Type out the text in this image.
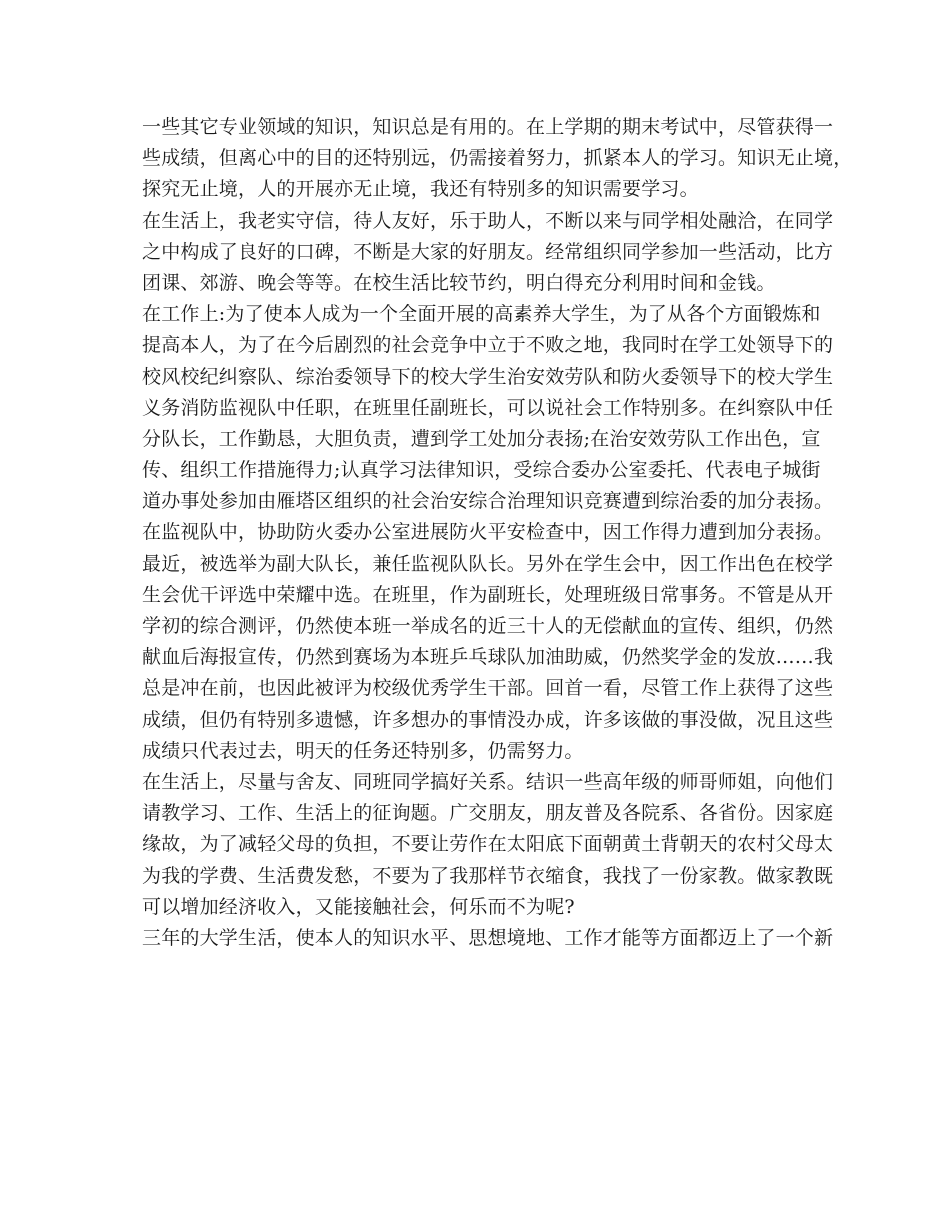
一些其它专业领域的知识，知识总是有用的。在上学期的期末考试中，尽管获得一
些成绩，但离心中的目的还特别远，仍需接着努力，抓紧本人的学习。知识无止境，
探究无止境，人的开展亦无止境，我还有特别多的知识需要学习。
在生活上，我老实守信，待人友好，乐于助人，不断以来与同学相处融洽，在同学
之中构成了良好的口碑，不断是大家的好朋友。经常组织同学参加一些活动，比方
团课、郊游、晚会等等。在校生活比较节约，明白得充分利用时间和金钱。
在工作上:为了使本人成为一个全面开展的高素养大学生，为了从各个方面锻炼和
提高本人，为了在今后剧烈的社会竞争中立于不败之地，我同时在学工处领导下的
校风校纪纠察队、综治委领导下的校大学生治安效劳队和防火委领导下的校大学生
义务消防监视队中任职，在班里任副班长，可以说社会工作特别多。在纠察队中任
分队长，工作勤恳，大胆负责，遭到学工处加分表扬;在治安效劳队工作出色，宣
传、组织工作措施得力;认真学习法律知识，受综合委办公室委托、代表电子城街
道办事处参加由雁塔区组织的社会治安综合治理知识竞赛遭到综治委的加分表扬。
在监视队中，协助防火委办公室进展防火平安检查中，因工作得力遭到加分表扬。
最近，被选举为副大队长，兼任监视队队长。另外在学生会中，因工作出色在校学
生会优干评选中荣耀中选。在班里，作为副班长，处理班级日常事务。不管是从开
学初的综合测评，仍然使本班一举成名的近三十人的无偿献血的宣传、组织，仍然
献血后海报宣传，仍然到赛场为本班乒乓球队加油助威，仍然奖学金的发放……我
总是冲在前，也因此被评为校级优秀学生干部。回首一看，尽管工作上获得了这些
成绩，但仍有特别多遗憾，许多想办的事情没办成，许多该做的事没做，况且这些
成绩只代表过去，明天的任务还特别多，仍需努力。
在生活上，尽量与舍友、同班同学搞好关系。结识一些高年级的师哥师姐，向他们
请教学习、工作、生活上的征询题。广交朋友，朋友普及各院系、各省份。因家庭
缘故，为了减轻父母的负担，不要让劳作在太阳底下面朝黄土背朝天的农村父母太
为我的学费、生活费发愁，不要为了我那样节衣缩食，我找了一份家教。做家教既
可以增加经济收入，又能接触社会，何乐而不为呢?
三年的大学生活，使本人的知识水平、思想境地、工作才能等方面都迈上了一个新
